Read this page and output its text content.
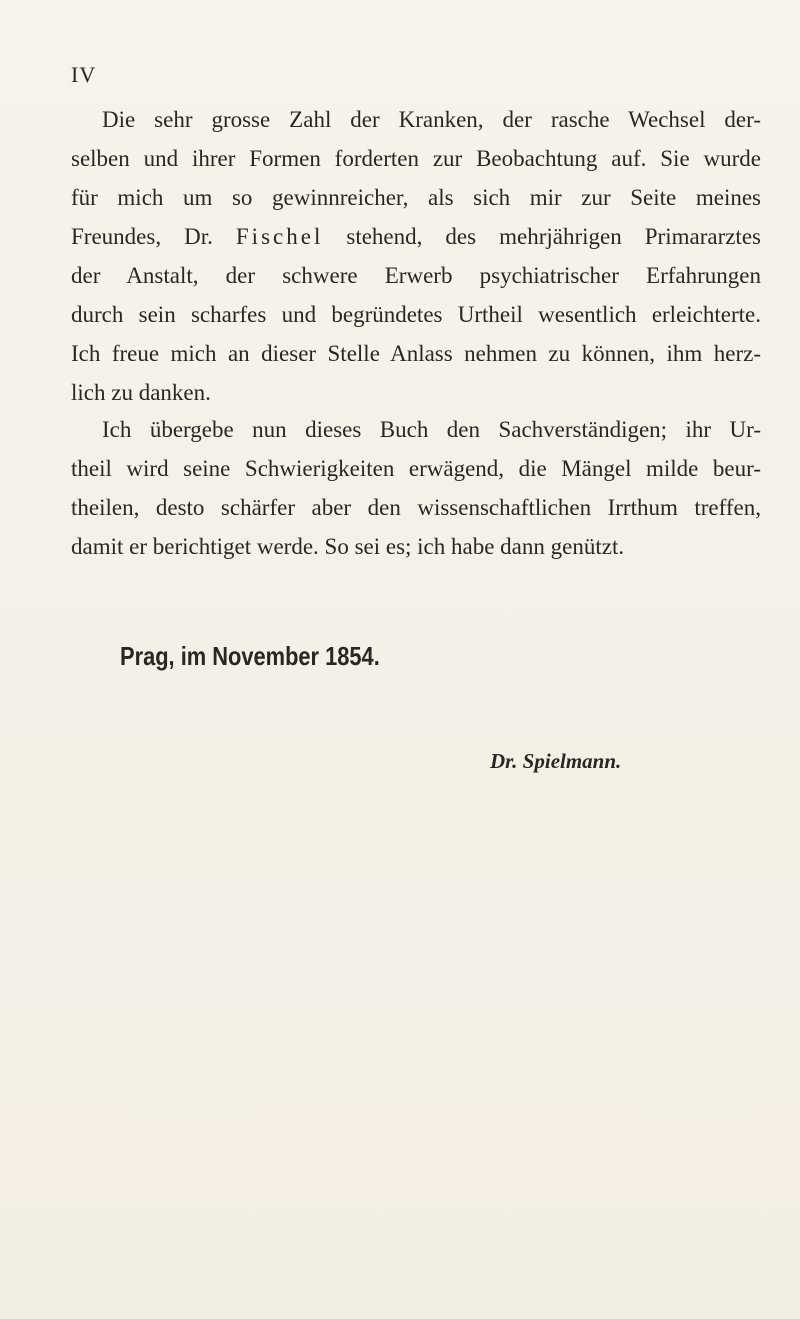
IV

Die sehr grosse Zahl der Kranken, der rasche Wechsel der-
selben und ihrer Formen forderten zur Beobachtung auf. Sie wurde
für mich um so gewinnreicher, als sich mir zur Seite meines
Freundes, Dr. Fischel stehend, des mehrjährigen Primararztes
der Anstalt, der schwere Erwerb psychiatrischer Erfahrungen
durch sein scharfes und begründetes Urtheil wesentlich erleichterte.
Ich freue mich an dieser Stelle Anlass nehmen zu können, ihm herz-
lich zu danken.

Ich übergebe nun dieses Buch den Sachverständigen; ihr Ur-
theil wird seine Schwierigkeiten erwägend, die Mängel milde beur-
theilen, desto schärfer aber den wissenschaftlichen Irrthum treffen,
damit er berichtiget werde. So sei es; ich habe dann genützt.

Prag, im November 1854.
Dr. Spielmann.
